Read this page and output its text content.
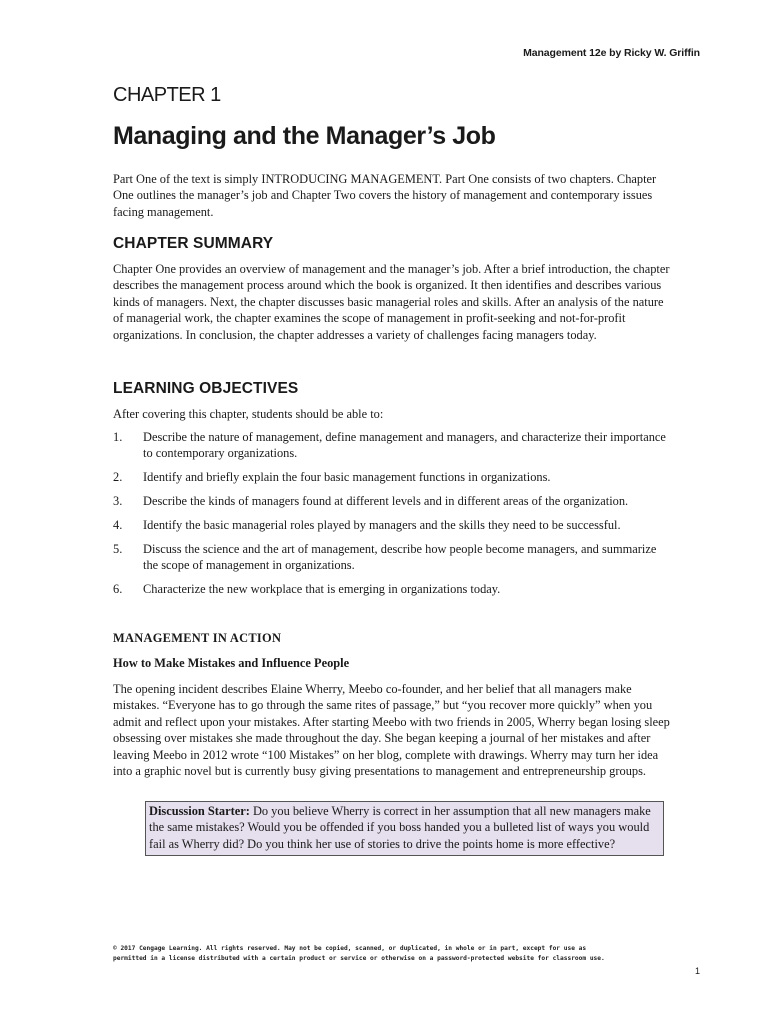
Management 12e by Ricky W. Griffin
CHAPTER 1
Managing and the Manager’s Job

Part One of the text is simply INTRODUCING MANAGEMENT. Part One consists of two chapters. Chapter One outlines the manager’s job and Chapter Two covers the history of management and contemporary issues facing management.

CHAPTER SUMMARY

Chapter One provides an overview of management and the manager’s job. After a brief introduction, the chapter describes the management process around which the book is organized. It then identifies and describes various kinds of managers. Next, the chapter discusses basic managerial roles and skills. After an analysis of the nature of managerial work, the chapter examines the scope of management in profit-seeking and not-for-profit organizations. In conclusion, the chapter addresses a variety of challenges facing managers today.

LEARNING OBJECTIVES

After covering this chapter, students should be able to:

1. Describe the nature of management, define management and managers, and characterize their importance to contemporary organizations.
2. Identify and briefly explain the four basic management functions in organizations.
3. Describe the kinds of managers found at different levels and in different areas of the organization.
4. Identify the basic managerial roles played by managers and the skills they need to be successful.
5. Discuss the science and the art of management, describe how people become managers, and summarize the scope of management in organizations.
6. Characterize the new workplace that is emerging in organizations today.
MANAGEMENT IN ACTION
How to Make Mistakes and Influence People

The opening incident describes Elaine Wherry, Meebo co-founder, and her belief that all managers make mistakes. “Everyone has to go through the same rites of passage,” but “you recover more quickly” when you admit and reflect upon your mistakes. After starting Meebo with two friends in 2005, Wherry began losing sleep obsessing over mistakes she made throughout the day. She began keeping a journal of her mistakes and after leaving Meebo in 2012 wrote “100 Mistakes” on her blog, complete with drawings. Wherry may turn her idea into a graphic novel but is currently busy giving presentations to management and entrepreneurship groups.

Discussion Starter: Do you believe Wherry is correct in her assumption that all new managers make the same mistakes? Would you be offended if you boss handed you a bulleted list of ways you would fail as Wherry did? Do you think her use of stories to drive the points home is more effective?
© 2017 Cengage Learning. All rights reserved. May not be copied, scanned, or duplicated, in whole or in part, except for use as
permitted in a license distributed with a certain product or service or otherwise on a password-protected website for classroom use.
1
